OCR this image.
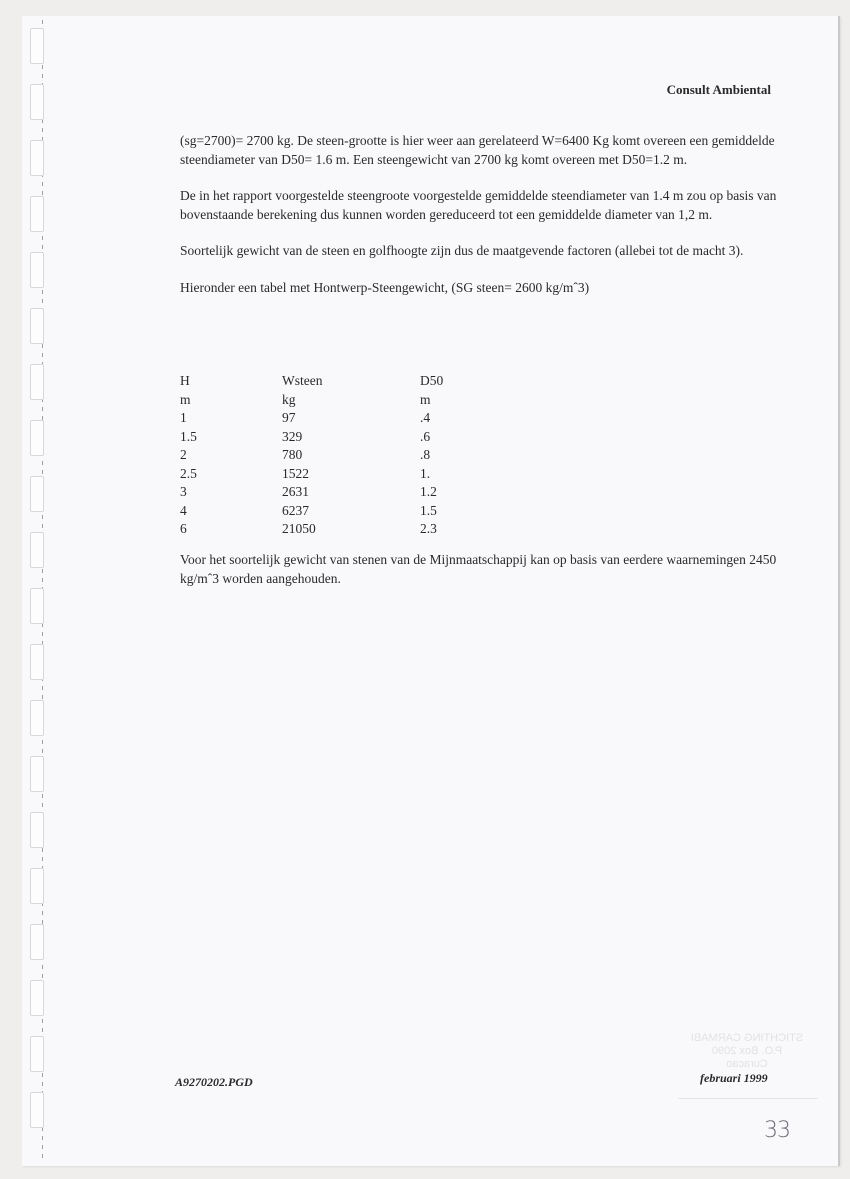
Consult Ambiental

(sg=2700)= 2700 kg. De steen-grootte is hier weer aan gerelateerd W=6400 Kg komt overeen een gemiddelde steendiameter van D50= 1.6 m. Een steengewicht van 2700 kg komt overeen met D50=1.2 m.

De in het rapport voorgestelde steengroote voorgestelde gemiddelde steendiameter van 1.4 m zou op basis van bovenstaande berekening dus kunnen worden gereduceerd tot een gemiddelde diameter van 1,2 m.

Soortelijk gewicht van de steen en golfhoogte zijn dus de maatgevende factoren (allebei tot de macht 3).

Hieronder een tabel met Hontwerp-Steengewicht, (SG steen= 2600 kg/mˆ3)

H	Wsteen	D50
m	kg	m
1	97	.4
1.5	329	.6
2	780	.8
2.5	1522	1.
3	2631	1.2
4	6237	1.5
6	21050	2.3
Voor het soortelijk gewicht van stenen van de Mijnmaatschappij kan op basis van eerdere waarnemingen 2450 kg/mˆ3 worden aangehouden.
STICHTING CARMABI
P.O. Box 2090
Curacao
A9270202.PGD	februari 1999
33
